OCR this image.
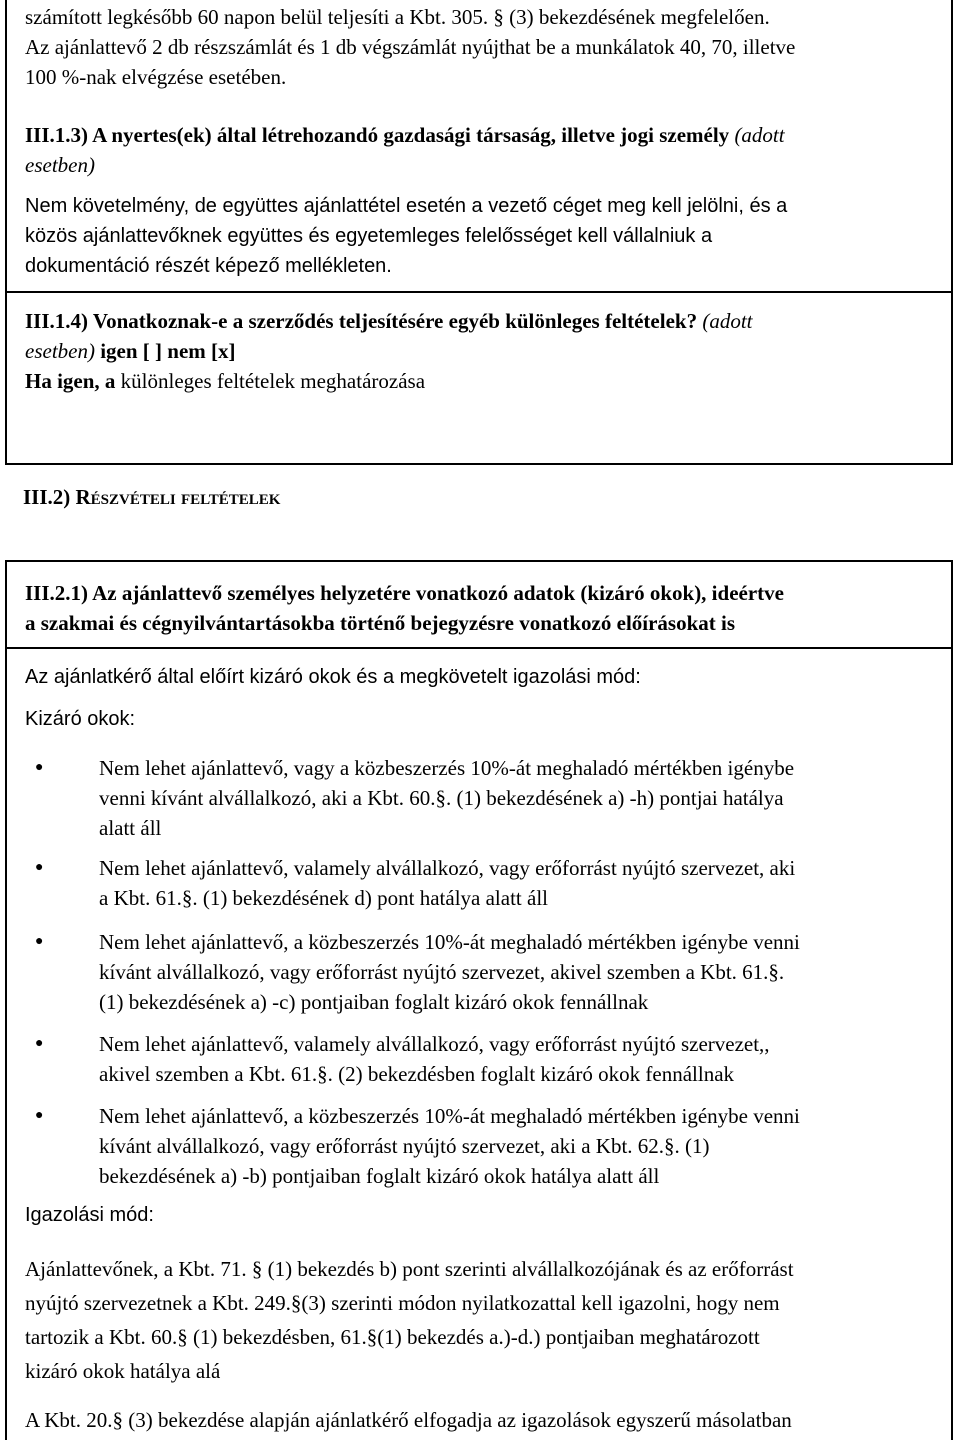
számított legkésőbb 60 napon belül teljesíti a Kbt. 305. § (3) bekezdésének megfelelően.
Az ajánlattevő 2 db részszámlát és 1 db végszámlát nyújthat be a munkálatok 40, 70, illetve
100 %-nak elvégzése esetében.
III.1.3) A nyertes(ek) által létrehozandó gazdasági társaság, illetve jogi személy (adott
esetben)
Nem követelmény, de együttes ajánlattétel esetén a vezető céget meg kell jelölni, és a
közös ajánlattevőknek együttes és egyetemleges felelősséget kell vállalniuk a
dokumentáció részét képező mellékleten.
III.1.4) Vonatkoznak-e a szerződés teljesítésére egyéb különleges feltételek? (adott
esetben) igen [ ] nem [x]
Ha igen, a különleges feltételek meghatározása
III.2) Részvételi feltételek
III.2.1) Az ajánlattevő személyes helyzetére vonatkozó adatok (kizáró okok), ideértve
a szakmai és cégnyilvántartásokba történő bejegyzésre vonatkozó előírásokat is
Az ajánlatkérő által előírt kizáró okok és a megkövetelt igazolási mód:
Kizáró okok:
●	Nem lehet ajánlattevő, vagy a közbeszerzés 10%-át meghaladó mértékben igénybe
venni kívánt alvállalkozó, aki a Kbt. 60.§. (1) bekezdésének a) -h) pontjai hatálya
alatt áll
●	Nem lehet ajánlattevő, valamely alvállalkozó, vagy erőforrást nyújtó szervezet, aki
a Kbt. 61.§. (1) bekezdésének d) pont hatálya alatt áll
●	Nem lehet ajánlattevő, a közbeszerzés 10%-át meghaladó mértékben igénybe venni
kívánt alvállalkozó, vagy erőforrást nyújtó szervezet, akivel szemben a Kbt. 61.§.
(1) bekezdésének a) -c) pontjaiban foglalt kizáró okok fennállnak
●	Nem lehet ajánlattevő, valamely alvállalkozó, vagy erőforrást nyújtó szervezet,,
akivel szemben a Kbt. 61.§. (2) bekezdésben foglalt kizáró okok fennállnak
●	Nem lehet ajánlattevő, a közbeszerzés 10%-át meghaladó mértékben igénybe venni
kívánt alvállalkozó, vagy erőforrást nyújtó szervezet, aki a Kbt. 62.§. (1)
bekezdésének a) -b) pontjaiban foglalt kizáró okok hatálya alatt áll
Igazolási mód:
Ajánlattevőnek, a Kbt. 71. § (1) bekezdés b) pont szerinti alvállalkozójának és az erőforrást
nyújtó szervezetnek a Kbt. 249.§(3) szerinti módon nyilatkozattal kell igazolni, hogy nem
tartozik a Kbt. 60.§ (1) bekezdésben, 61.§(1) bekezdés a.)-d.) pontjaiban meghatározott
kizáró okok hatálya alá
A Kbt. 20.§ (3) bekezdése alapján ajánlatkérő elfogadja az igazolások egyszerű másolatban
